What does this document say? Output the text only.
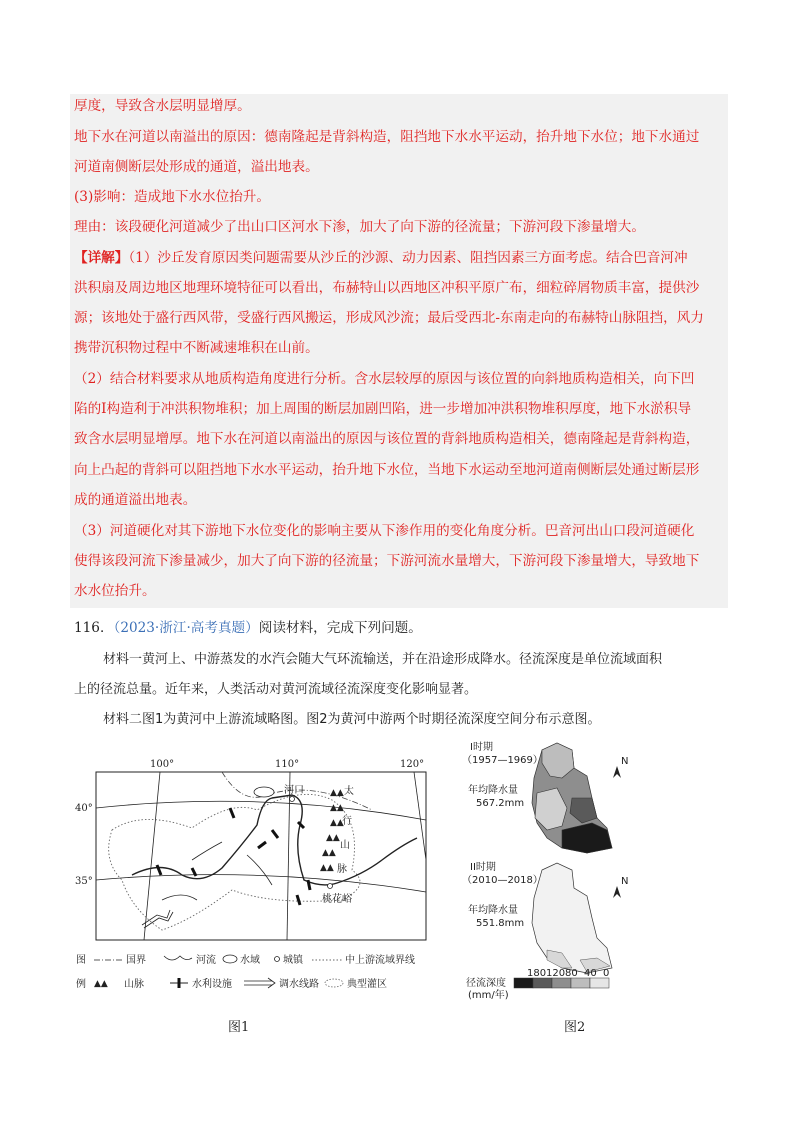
厚度，导致含水层明显增厚。
地下水在河道以南溢出的原因：德南隆起是背斜构造，阻挡地下水水平运动，抬升地下水位；地下水通过
河道南侧断层处形成的通道，溢出地表。
(3)影响：造成地下水水位抬升。
理由：该段硬化河道减少了出山口区河水下渗，加大了向下游的径流量；下游河段下渗量增大。
【详解】（1）沙丘发育原因类问题需要从沙丘的沙源、动力因素、阻挡因素三方面考虑。结合巴音河冲
洪积扇及周边地区地理环境特征可以看出，布赫特山以西地区冲积平原广布，细粒碎屑物质丰富，提供沙
源；该地处于盛行西风带，受盛行西风搬运，形成风沙流；最后受西北-东南走向的布赫特山脉阻挡，风力
携带沉积物过程中不断减速堆积在山前。
（2）结合材料要求从地质构造角度进行分析。含水层较厚的原因与该位置的向斜地质构造相关，向下凹
陷的I构造利于冲洪积物堆积；加上周围的断层加剧凹陷，进一步增加冲洪积物堆积厚度，地下水淤积导
致含水层明显增厚。地下水在河道以南溢出的原因与该位置的背斜地质构造相关，德南隆起是背斜构造，
向上凸起的背斜可以阻挡地下水水平运动，抬升地下水位，当地下水运动至地河道南侧断层处通过断层形
成的通道溢出地表。
（3）河道硬化对其下游地下水位变化的影响主要从下渗作用的变化角度分析。巴音河出山口段河道硬化
使得该段河流下渗量减少，加大了向下游的径流量；下游河流水量增大，下游河段下渗量增大，导致地下
水水位抬升。
116．（2023·浙江·高考真题）阅读材料，完成下列问题。
材料一黄河上、中游蒸发的水汽会随大气环流输送，并在沿途形成降水。径流深度是单位流域面积
上的径流总量。近年来，人类活动对黄河流域径流深度变化影响显著。
材料二图1为黄河中上游流域略图。图2为黄河中游两个时期径流深度空间分布示意图。
100°	110°	120°
40°
35°
河口
桃花峪
▲▲
▲▲
▲▲
▲▲
▲▲
▲▲
太
行
山
脉
图	国界	河流 水域 城镇	中上游流域界线
例 ▲▲ 山脉	水利设施	调水线路	典型灌区
图1
I时期
（1957—1969）
年均降水量
567.2mm
N
II时期
（2010—2018）
年均降水量
551.8mm
N
径流深度
(mm/年)
180 120 80 40 0
图2
